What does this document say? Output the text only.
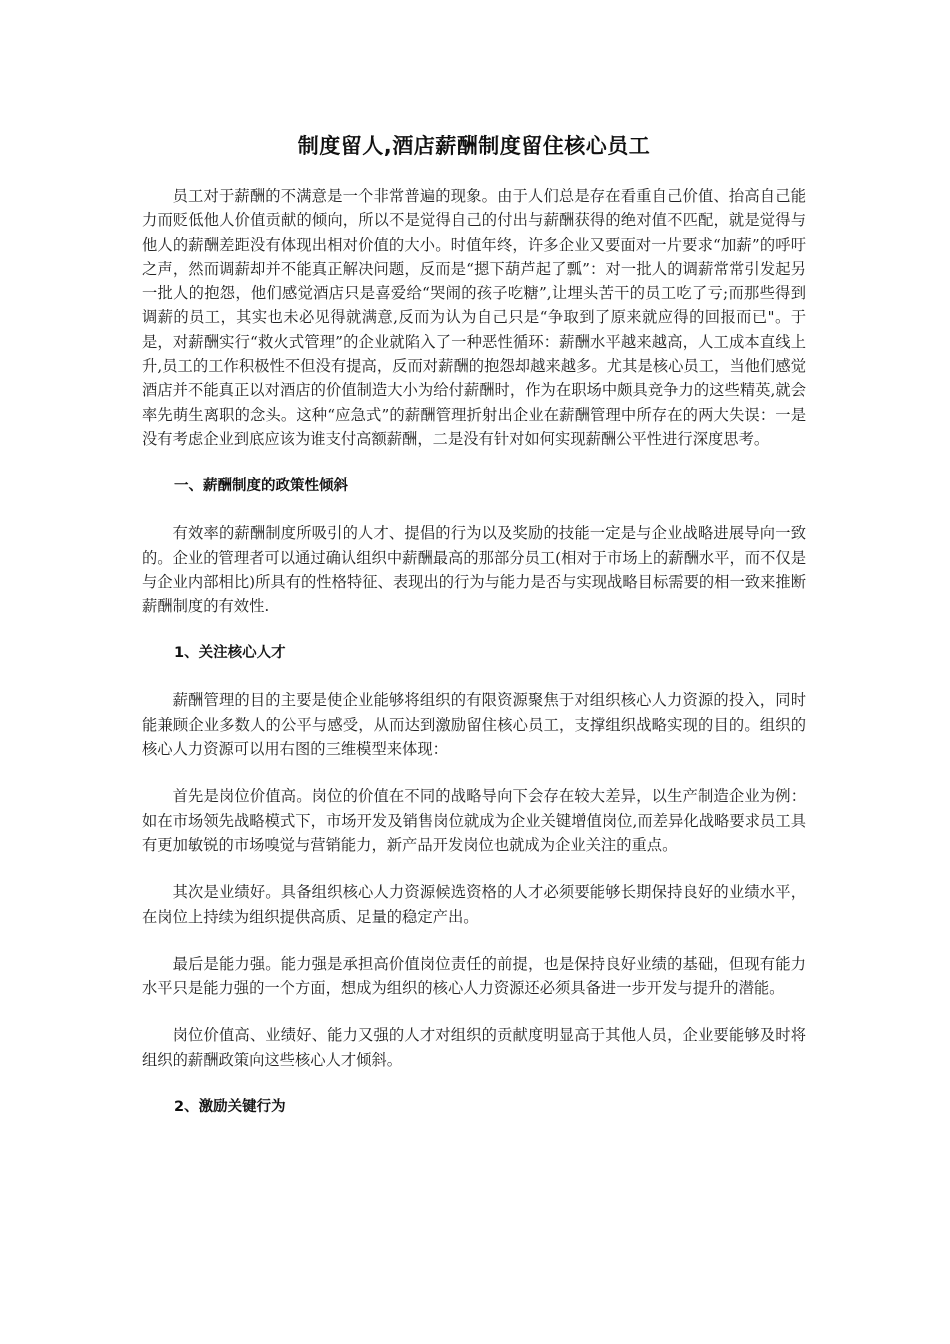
制度留人,酒店薪酬制度留住核心员工

员工对于薪酬的不满意是一个非常普遍的现象。由于人们总是存在看重自己价值、抬高自己能力而贬低他人价值贡献的倾向，所以不是觉得自己的付出与薪酬获得的绝对值不匹配，就是觉得与他人的薪酬差距没有体现出相对价值的大小。时值年终，许多企业又要面对一片要求“加薪”的呼吁之声，然而调薪却并不能真正解决问题，反而是“摁下葫芦起了瓢”：对一批人的调薪常常引发起另一批人的抱怨，他们感觉酒店只是喜爱给“哭闹的孩子吃糖”,让埋头苦干的员工吃了亏;而那些得到调薪的员工，其实也未必见得就满意,反而为认为自己只是“争取到了原来就应得的回报而已"。于是，对薪酬实行“救火式管理”的企业就陷入了一种恶性循环：薪酬水平越来越高，人工成本直线上升,员工的工作积极性不但没有提高，反而对薪酬的抱怨却越来越多。尤其是核心员工，当他们感觉酒店并不能真正以对酒店的价值制造大小为给付薪酬时，作为在职场中颇具竞争力的这些精英,就会率先萌生离职的念头。这种“应急式”的薪酬管理折射出企业在薪酬管理中所存在的两大失误：一是没有考虑企业到底应该为谁支付高额薪酬，二是没有针对如何实现薪酬公平性进行深度思考。

一、薪酬制度的政策性倾斜

有效率的薪酬制度所吸引的人才、提倡的行为以及奖励的技能一定是与企业战略进展导向一致的。企业的管理者可以通过确认组织中薪酬最高的那部分员工(相对于市场上的薪酬水平，而不仅是与企业内部相比)所具有的性格特征、表现出的行为与能力是否与实现战略目标需要的相一致来推断薪酬制度的有效性.

1、关注核心人才

薪酬管理的目的主要是使企业能够将组织的有限资源聚焦于对组织核心人力资源的投入，同时能兼顾企业多数人的公平与感受，从而达到激励留住核心员工，支撑组织战略实现的目的。组织的核心人力资源可以用右图的三维模型来体现：

首先是岗位价值高。岗位的价值在不同的战略导向下会存在较大差异，以生产制造企业为例：如在市场领先战略模式下，市场开发及销售岗位就成为企业关键增值岗位,而差异化战略要求员工具有更加敏锐的市场嗅觉与营销能力，新产品开发岗位也就成为企业关注的重点。

其次是业绩好。具备组织核心人力资源候选资格的人才必须要能够长期保持良好的业绩水平，在岗位上持续为组织提供高质、足量的稳定产出。

最后是能力强。能力强是承担高价值岗位责任的前提，也是保持良好业绩的基础，但现有能力水平只是能力强的一个方面，想成为组织的核心人力资源还必须具备进一步开发与提升的潜能。

岗位价值高、业绩好、能力又强的人才对组织的贡献度明显高于其他人员，企业要能够及时将组织的薪酬政策向这些核心人才倾斜。

2、激励关键行为
